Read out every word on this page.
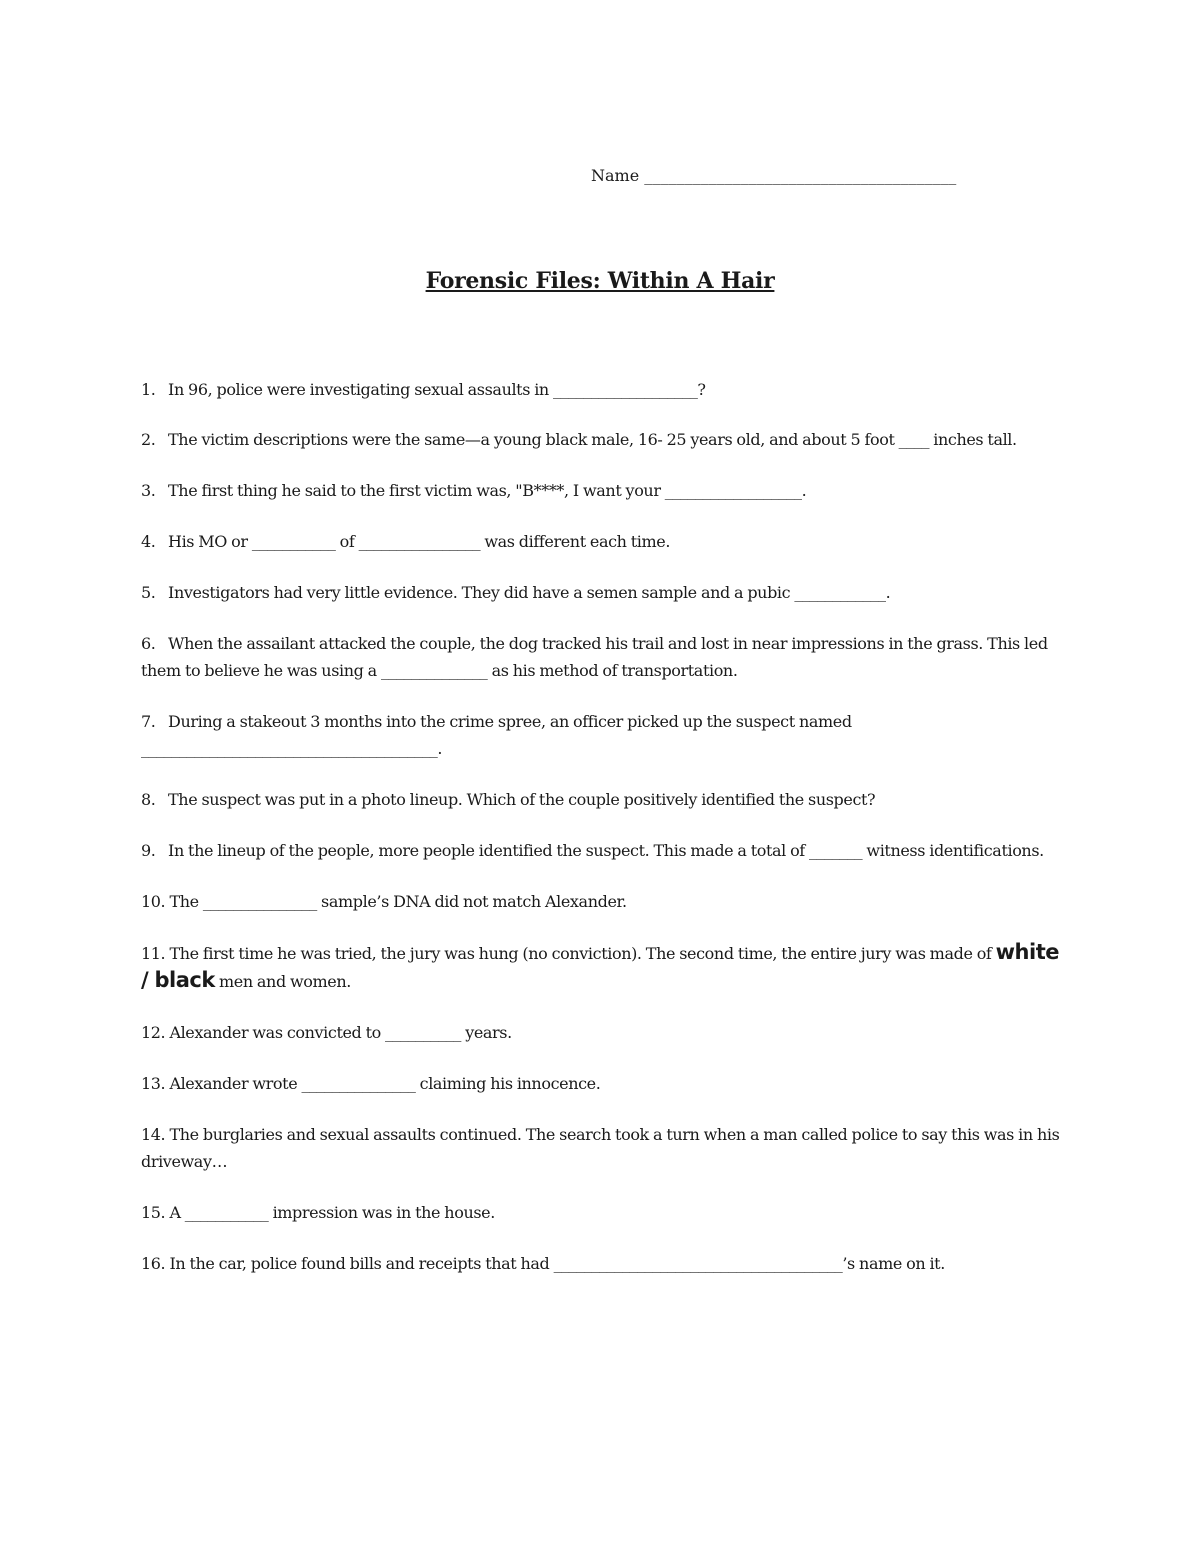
Name _______________________________________
Forensic Files: Within A Hair
1. In 96, police were investigating sexual assaults in ___________________?
2. The victim descriptions were the same—a young black male, 16- 25 years old, and about 5 foot ____ inches tall.
3. The first thing he said to the first victim was, "B****, I want your __________________.
4. His MO or ___________ of ________________ was different each time.
5. Investigators had very little evidence. They did have a semen sample and a pubic ____________.
6. When the assailant attacked the couple, the dog tracked his trail and lost in near impressions in the grass. This led them to believe he was using a ______________ as his method of transportation.
7. During a stakeout 3 months into the crime spree, an officer picked up the suspect named _______________________________________.
8. The suspect was put in a photo lineup. Which of the couple positively identified the suspect?
9. In the lineup of the people, more people identified the suspect. This made a total of _______ witness identifications.
10. The _______________ sample’s DNA did not match Alexander.
11. The first time he was tried, the jury was hung (no conviction). The second time, the entire jury was made of white / black men and women.
12. Alexander was convicted to __________ years.
13. Alexander wrote _______________ claiming his innocence.
14. The burglaries and sexual assaults continued. The search took a turn when a man called police to say this was in his driveway…
15. A ___________ impression was in the house.
16. In the car, police found bills and receipts that had ______________________________________’s name on it.
